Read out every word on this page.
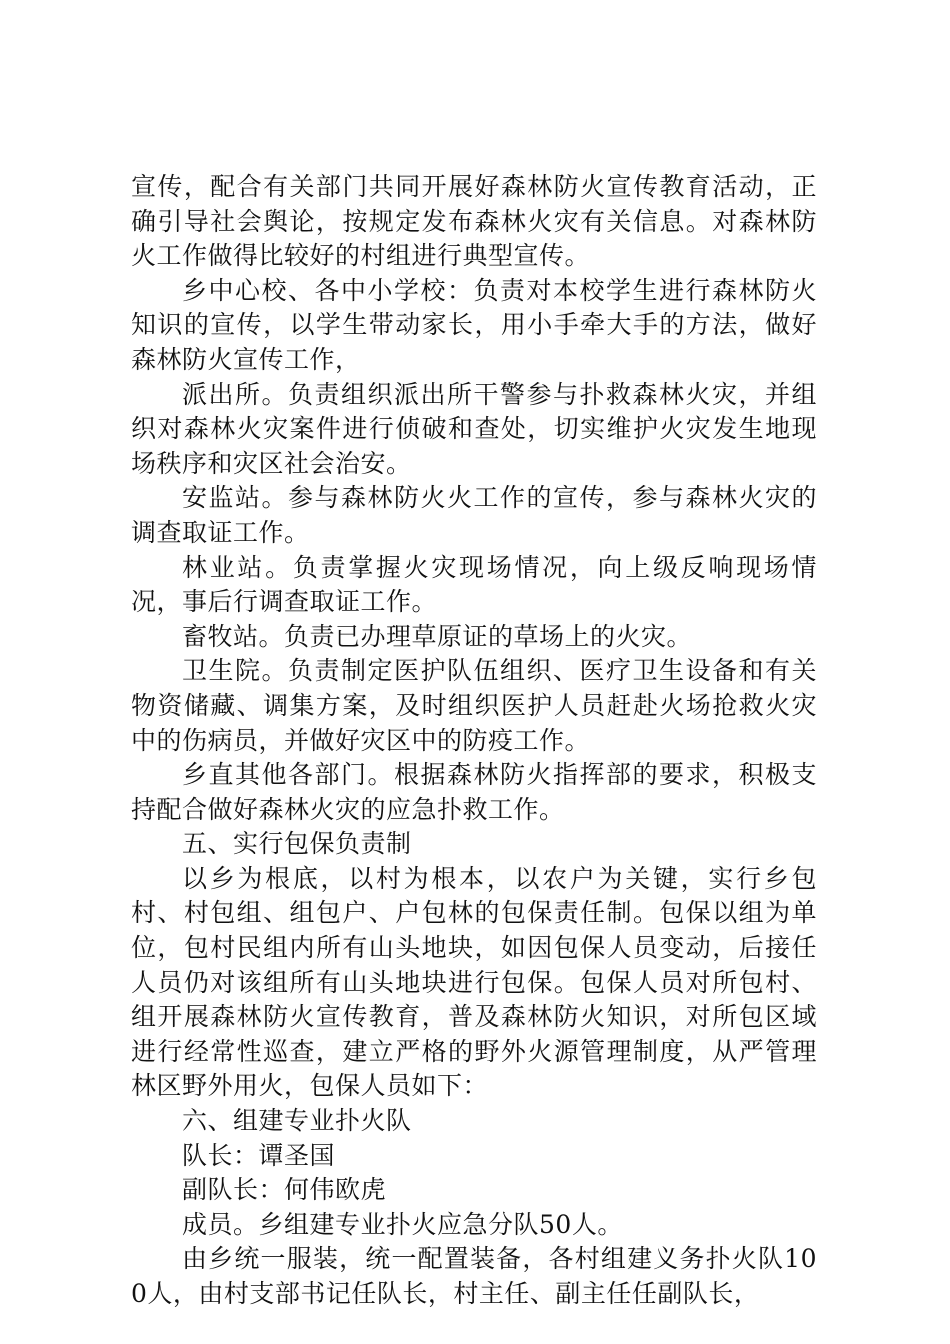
宣传，配合有关部门共同开展好森林防火宣传教育活动，正确引导社会舆论，按规定发布森林火灾有关信息。对森林防火工作做得比较好的村组进行典型宣传。

乡中心校、各中小学校：负责对本校学生进行森林防火知识的宣传，以学生带动家长，用小手牵大手的方法，做好森林防火宣传工作，

派出所。负责组织派出所干警参与扑救森林火灾，并组织对森林火灾案件进行侦破和查处，切实维护火灾发生地现场秩序和灾区社会治安。

安监站。参与森林防火火工作的宣传，参与森林火灾的调查取证工作。

林业站。负责掌握火灾现场情况，向上级反响现场情况，事后行调查取证工作。

畜牧站。负责已办理草原证的草场上的火灾。

卫生院。负责制定医护队伍组织、医疗卫生设备和有关物资储藏、调集方案，及时组织医护人员赶赴火场抢救火灾中的伤病员，并做好灾区中的防疫工作。

乡直其他各部门。根据森林防火指挥部的要求，积极支持配合做好森林火灾的应急扑救工作。

五、实行包保负责制

以乡为根底，以村为根本，以农户为关键，实行乡包村、村包组、组包户、户包林的包保责任制。包保以组为单位，包村民组内所有山头地块，如因包保人员变动，后接任人员仍对该组所有山头地块进行包保。包保人员对所包村、组开展森林防火宣传教育，普及森林防火知识，对所包区域进行经常性巡查，建立严格的野外火源管理制度，从严管理林区野外用火，包保人员如下：

六、组建专业扑火队

队长：谭圣国

副队长：何伟欧虎

成员。乡组建专业扑火应急分队50人。

由乡统一服装，统一配置装备，各村组建义务扑火队100人，由村支部书记任队长，村主任、副主任任副队长，
